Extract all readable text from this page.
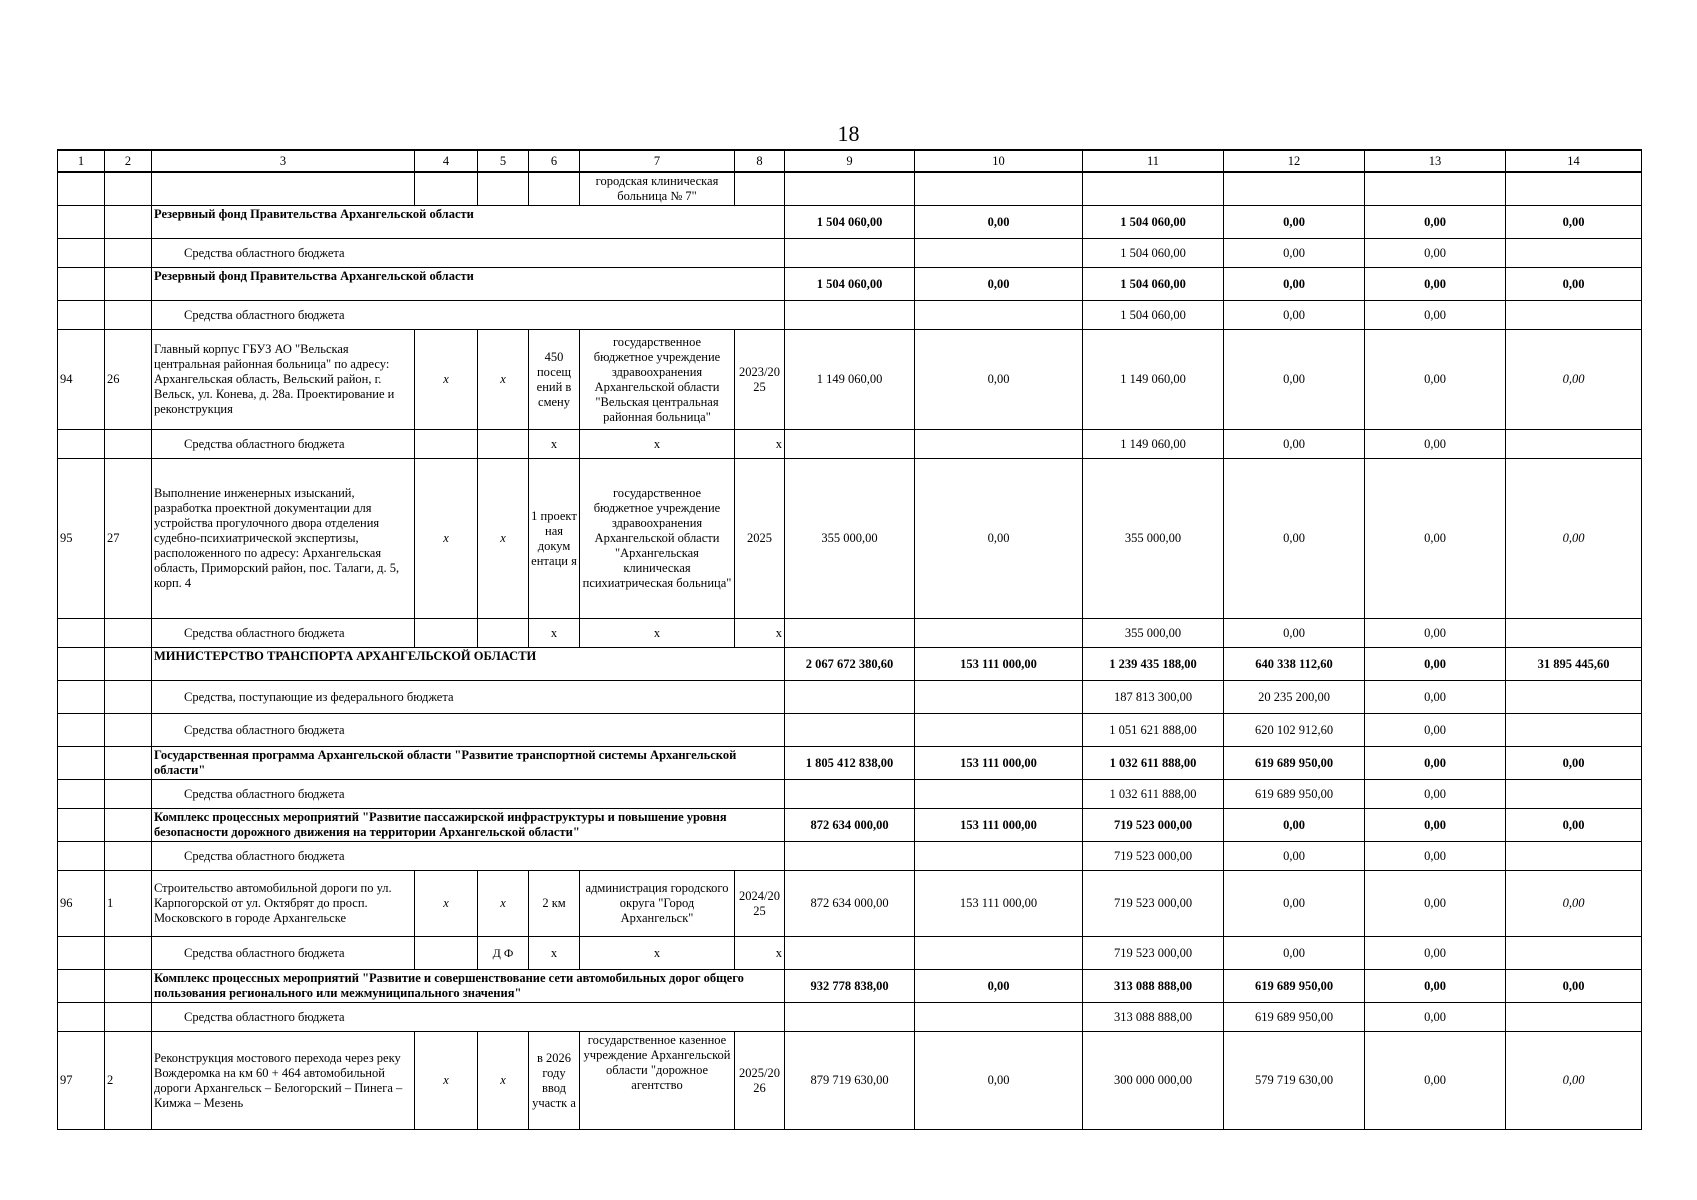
18
1	2	3	4	5	6	7	8	9	10	11	12	13	14
						городская клиническая больница № 7"							
		Резервный фонд Правительства Архангельской области						1 504 060,00	0,00	1 504 060,00	0,00	0,00	0,00
		Средства областного бюджета								1 504 060,00	0,00	0,00	
		Резервный фонд Правительства Архангельской области						1 504 060,00	0,00	1 504 060,00	0,00	0,00	0,00
		Средства областного бюджета								1 504 060,00	0,00	0,00	
94	26	Главный корпус ГБУЗ АО "Вельская центральная районная больница" по адресу: Архангельская область, Вельский район, г. Вельск, ул. Конева, д. 28а. Проектирование и реконструкция	х	х	450 посещ ений в смену	государственное бюджетное учреждение здравоохранения Архангельской области "Вельская центральная районная больница"	2023/20 25	1 149 060,00	0,00	1 149 060,00	0,00	0,00	0,00
		Средства областного бюджета			х	х	х			1 149 060,00	0,00	0,00	
95	27	Выполнение инженерных изысканий, разработка проектной документации для устройства прогулочного двора отделения судебно-психиатрической экспертизы, расположенного по адресу: Архангельская область, Приморский район, пос. Талаги, д. 5, корп. 4	х	х	1 проект ная докум ентаци я	государственное бюджетное учреждение здравоохранения Архангельской области "Архангельская клиническая психиатрическая больница"	2025	355 000,00	0,00	355 000,00	0,00	0,00	0,00
		Средства областного бюджета			х	х	х			355 000,00	0,00	0,00	
		МИНИСТЕРСТВО ТРАНСПОРТА АРХАНГЕЛЬСКОЙ ОБЛАСТИ						2 067 672 380,60	153 111 000,00	1 239 435 188,00	640 338 112,60	0,00	31 895 445,60
		Средства, поступающие из федерального бюджета								187 813 300,00	20 235 200,00	0,00	
		Средства областного бюджета								1 051 621 888,00	620 102 912,60	0,00	
		Государственная программа Архангельской области "Развитие транспортной системы Архангельской области"						1 805 412 838,00	153 111 000,00	1 032 611 888,00	619 689 950,00	0,00	0,00
		Средства областного бюджета								1 032 611 888,00	619 689 950,00	0,00	
		Комплекс процессных мероприятий "Развитие пассажирской инфраструктуры и повышение уровня безопасности дорожного движения на территории Архангельской области"						872 634 000,00	153 111 000,00	719 523 000,00	0,00	0,00	0,00
		Средства областного бюджета								719 523 000,00	0,00	0,00	
96	1	Строительство автомобильной дороги по ул. Карпогорской от ул. Октябрят до просп. Московского в городе Архангельске	х	х	2 км	администрация городского округа "Город Архангельск"	2024/20 25	872 634 000,00	153 111 000,00	719 523 000,00	0,00	0,00	0,00
		Средства областного бюджета		Д Ф	х	х	х			719 523 000,00	0,00	0,00	
		Комплекс процессных мероприятий "Развитие и совершенствование сети автомобильных дорог общего пользования регионального или межмуниципального значения"						932 778 838,00	0,00	313 088 888,00	619 689 950,00	0,00	0,00
		Средства областного бюджета								313 088 888,00	619 689 950,00	0,00	
97	2	Реконструкция мостового перехода через реку Вождеромка на км 60 + 464 автомобильной дороги Архангельск – Белогорский – Пинега – Кимжа – Мезень	х	х	в 2026 году ввод участк а	государственное казенное учреждение Архангельской области "дорожное агентство	2025/20 26	879 719 630,00	0,00	300 000 000,00	579 719 630,00	0,00	0,00
